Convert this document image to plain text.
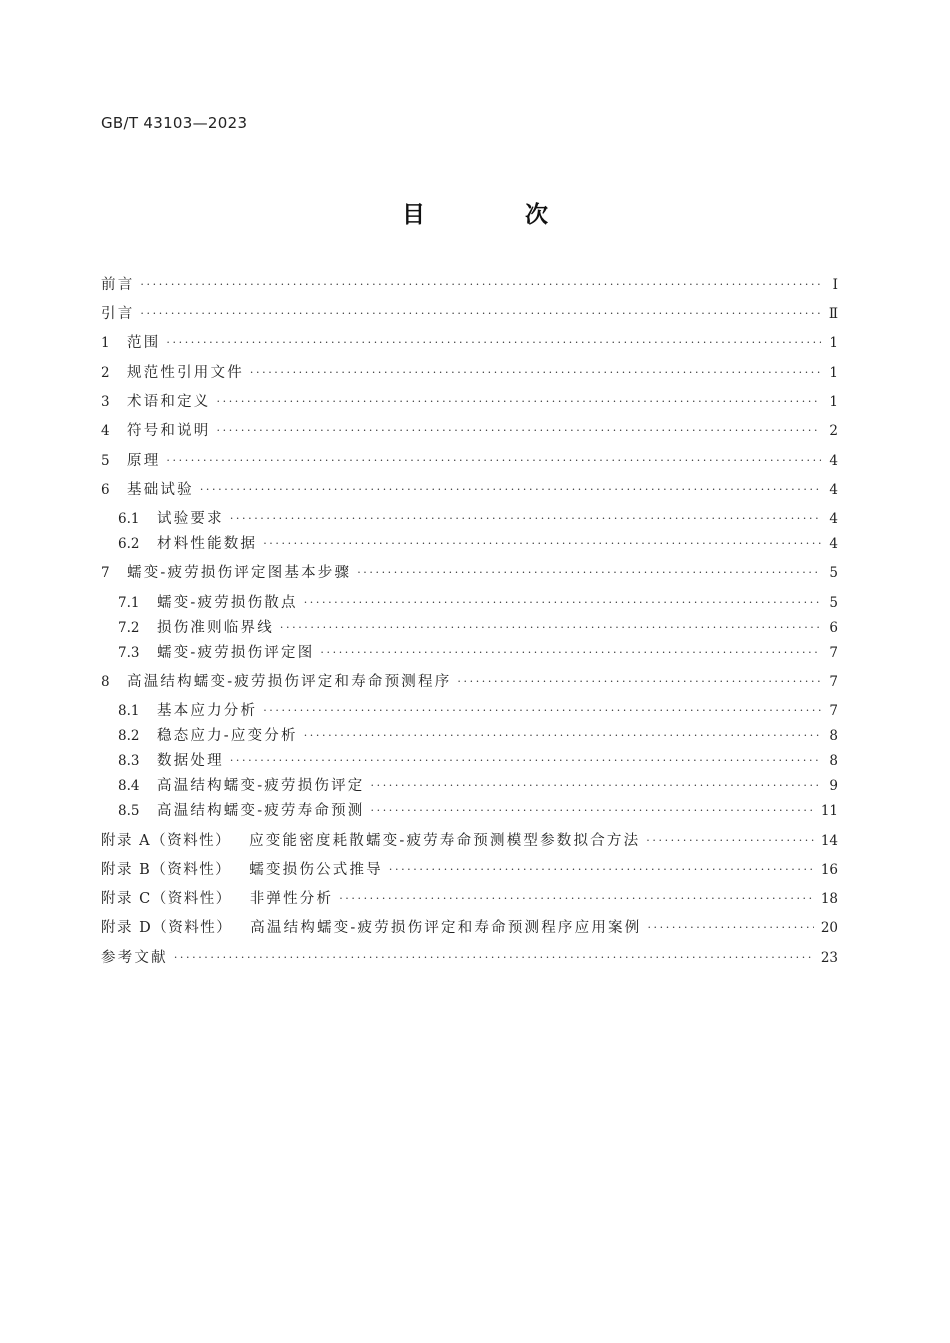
GB/T 43103—2023
目 次
前言 ·····	Ⅰ
引言 ·····	Ⅱ
1	范围 ·····	1
2	规范性引用文件 ·····	1
3	术语和定义 ·····	1
4	符号和说明 ·····	2
5	原理 ·····	4
6	基础试验 ·····	4
6.1	试验要求 ·····	4
6.2	材料性能数据 ·····	4
7	蠕变-疲劳损伤评定图基本步骤 ·····	5
7.1	蠕变-疲劳损伤散点 ·····	5
7.2	损伤准则临界线 ·····	6
7.3	蠕变-疲劳损伤评定图 ·····	7
8	高温结构蠕变-疲劳损伤评定和寿命预测程序 ·····	7
8.1	基本应力分析 ·····	7
8.2	稳态应力-应变分析 ·····	8
8.3	数据处理 ·····	8
8.4	高温结构蠕变-疲劳损伤评定 ·····	9
8.5	高温结构蠕变-疲劳寿命预测 ·····	11
附录 A（资料性） 应变能密度耗散蠕变-疲劳寿命预测模型参数拟合方法 ·····	14
附录 B（资料性） 蠕变损伤公式推导 ·····	16
附录 C（资料性） 非弹性分析 ·····	18
附录 D（资料性） 高温结构蠕变-疲劳损伤评定和寿命预测程序应用案例 ·····	20
参考文献 ·····	23
